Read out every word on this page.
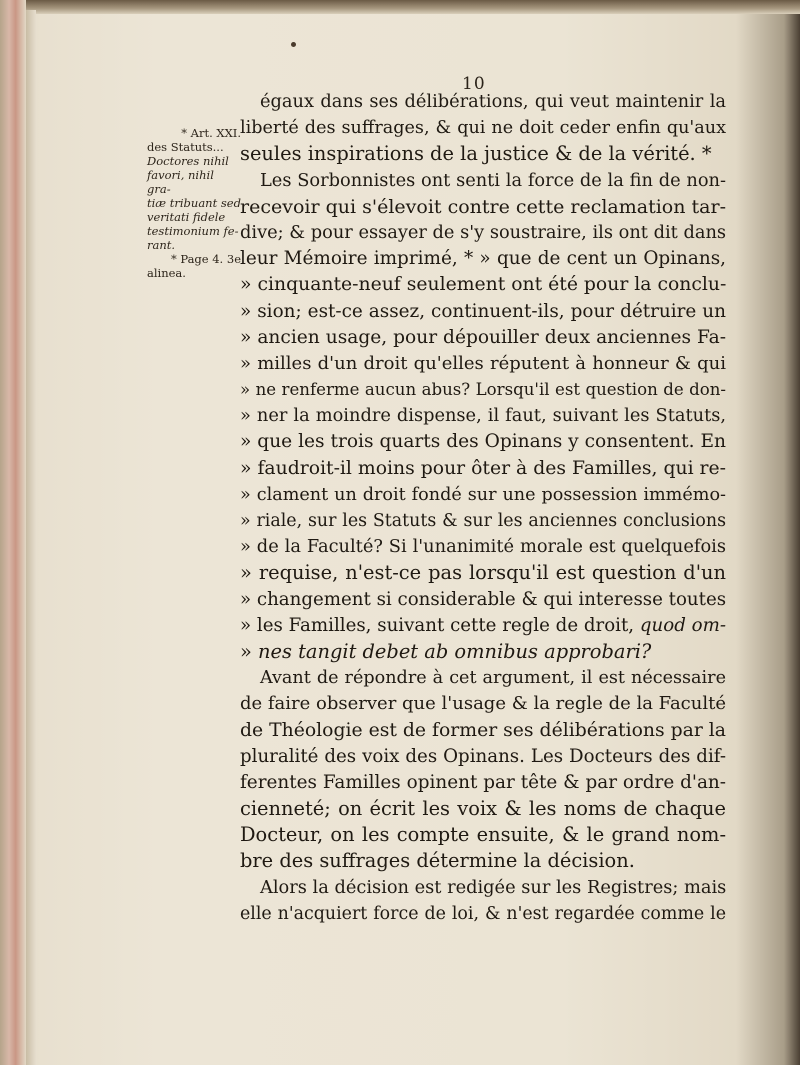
10
* Art. XXI.
des Statuts...
Doctores nihil
favori, nihil gra-
tiæ tribuant sed
veritati fidele
testimonium fe-
rant.
* Page 4. 3e
alinea.
égaux dans ses délibérations, qui veut maintenir la
liberté des suffrages, & qui ne doit ceder enfin qu'aux
seules inspirations de la justice & de la vérité. *
Les Sorbonnistes ont senti la force de la fin de non-
recevoir qui s'élevoit contre cette reclamation tar-
dive; & pour essayer de s'y soustraire, ils ont dit dans
leur Mémoire imprimé, * » que de cent un Opinans,
» cinquante-neuf seulement ont été pour la conclu-
» sion; est-ce assez, continuent-ils, pour détruire un
» ancien usage, pour dépouiller deux anciennes Fa-
» milles d'un droit qu'elles réputent à honneur & qui
» ne renferme aucun abus? Lorsqu'il est question de don-
» ner la moindre dispense, il faut, suivant les Statuts,
» que les trois quarts des Opinans y consentent. En
» faudroit-il moins pour ôter à des Familles, qui re-
» clament un droit fondé sur une possession immémo-
» riale, sur les Statuts & sur les anciennes conclusions
» de la Faculté? Si l'unanimité morale est quelquefois
» requise, n'est-ce pas lorsqu'il est question d'un
» changement si considerable & qui interesse toutes
» les Familles, suivant cette regle de droit, quod om-
» nes tangit debet ab omnibus approbari?
Avant de répondre à cet argument, il est nécessaire
de faire observer que l'usage & la regle de la Faculté
de Théologie est de former ses délibérations par la
pluralité des voix des Opinans. Les Docteurs des dif-
ferentes Familles opinent par tête & par ordre d'an-
cienneté; on écrit les voix & les noms de chaque
Docteur, on les compte ensuite, & le grand nom-
bre des suffrages détermine la décision.
Alors la décision est redigée sur les Registres; mais
elle n'acquiert force de loi, & n'est regardée comme le
